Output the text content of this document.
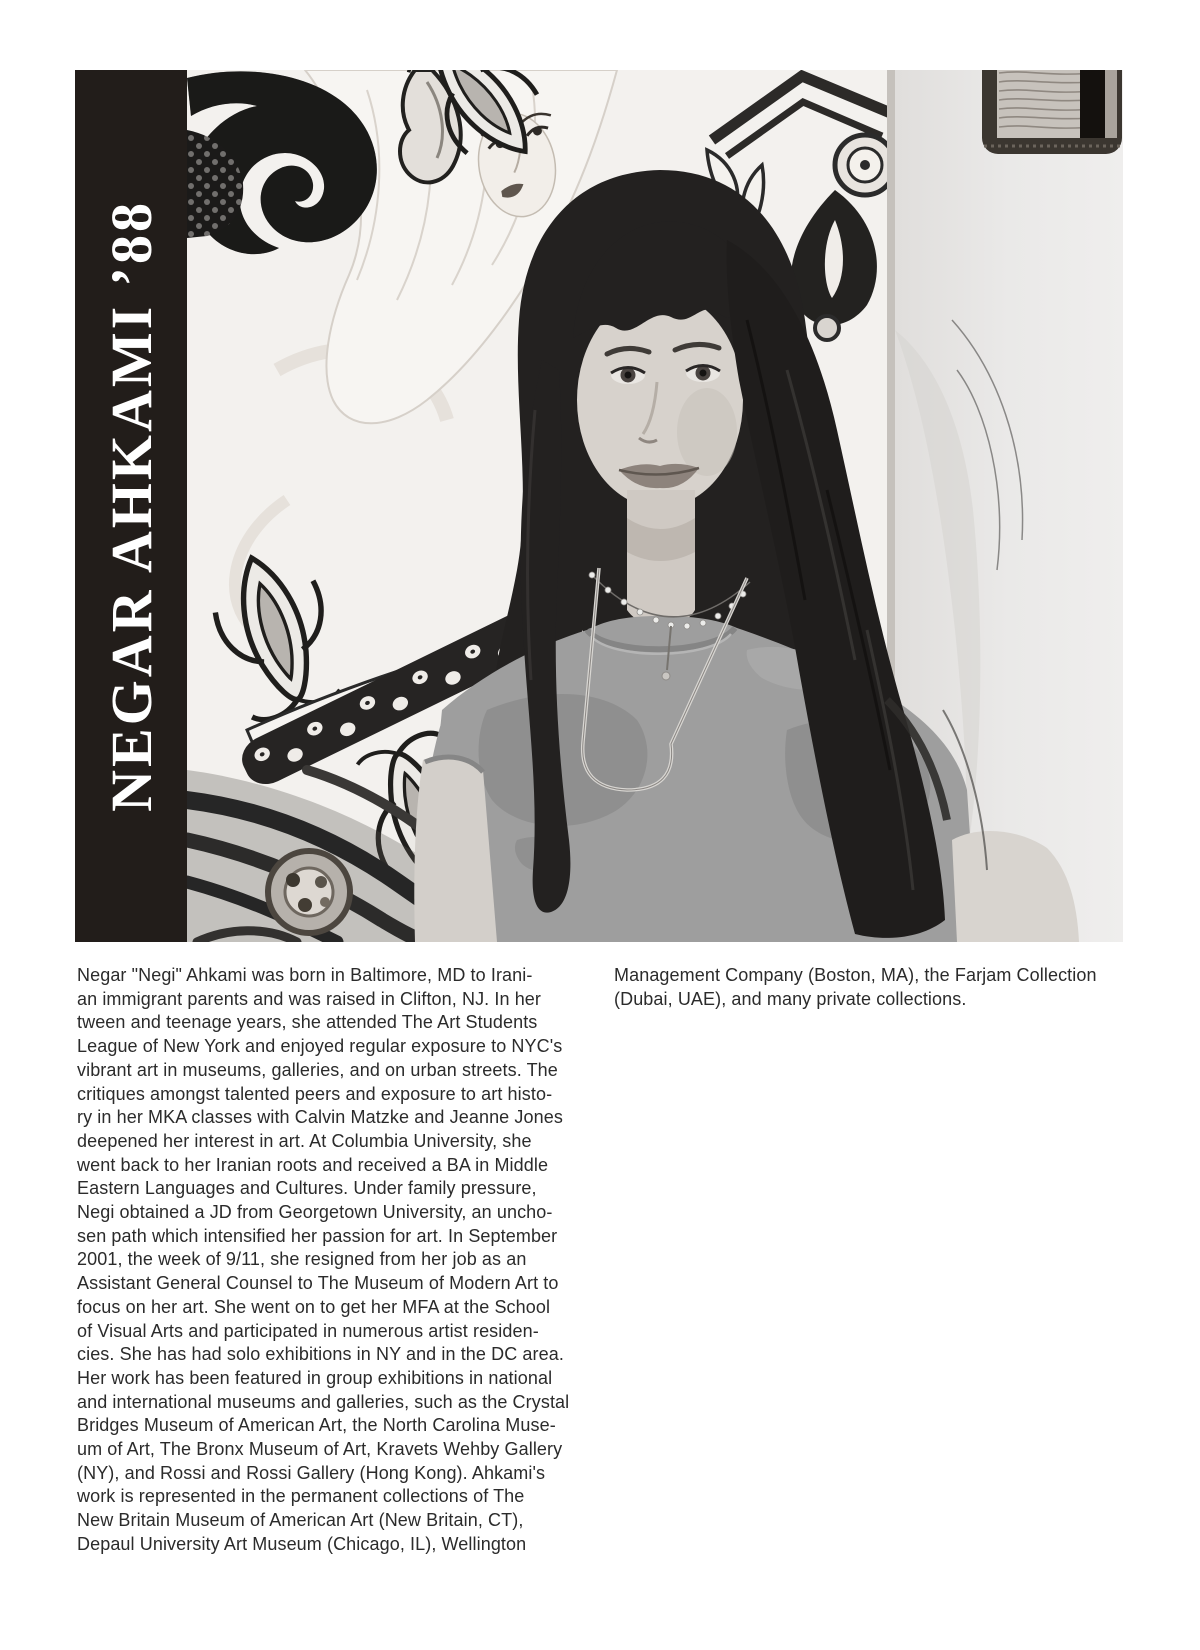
NEGAR AHKAMI ’88
Negar "Negi" Ahkami was born in Baltimore, MD to Irani-
an immigrant parents and was raised in Clifton, NJ. In her
tween and teenage years, she attended The Art Students
League of New York and enjoyed regular exposure to NYC's
vibrant art in museums, galleries, and on urban streets. The
critiques amongst talented peers and exposure to art histo-
ry in her MKA classes with Calvin Matzke and Jeanne Jones
deepened her interest in art. At Columbia University, she
went back to her Iranian roots and received a BA in Middle
Eastern Languages and Cultures. Under family pressure,
Negi obtained a JD from Georgetown University, an uncho-
sen path which intensified her passion for art. In September
2001, the week of 9/11, she resigned from her job as an
Assistant General Counsel to The Museum of Modern Art to
focus on her art. She went on to get her MFA at the School
of Visual Arts and participated in numerous artist residen-
cies. She has had solo exhibitions in NY and in the DC area.
Her work has been featured in group exhibitions in national
and international museums and galleries, such as the Crystal
Bridges Museum of American Art, the North Carolina Muse-
um of Art, The Bronx Museum of Art, Kravets Wehby Gallery
(NY), and Rossi and Rossi Gallery (Hong Kong). Ahkami's
work is represented in the permanent collections of The
New Britain Museum of American Art (New Britain, CT),
Depaul University Art Museum (Chicago, IL), Wellington
Management Company (Boston, MA), the Farjam Collection
(Dubai, UAE), and many private collections.
